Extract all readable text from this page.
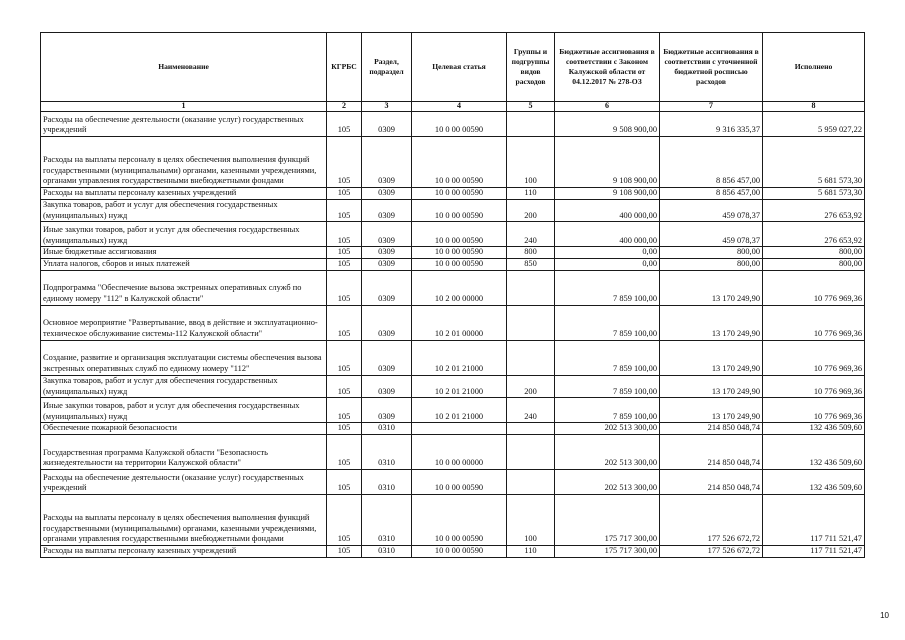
Наименование	КГРБС	Раздел, подраздел	Целевая статья	Группы и подгруппы видов расходов	Бюджетные ассигнования в соответствии с Законом Калужской области от 04.12.2017 № 278-ОЗ	Бюджетные ассигнования в соответствии с уточненной бюджетной росписью расходов	Исполнено
1	2	3	4	5	6	7	8
Расходы на обеспечение деятельности (оказание услуг) государственных учреждений	105	0309	10 0 00 00590		9 508 900,00	9 316 335,37	5 959 027,22
Расходы на выплаты персоналу в целях обеспечения выполнения функций государственными (муниципальными) органами, казенными учреждениями, органами управления государственными внебюджетными фондами	105	0309	10 0 00 00590	100	9 108 900,00	8 856 457,00	5 681 573,30
Расходы на выплаты персоналу казенных учреждений	105	0309	10 0 00 00590	110	9 108 900,00	8 856 457,00	5 681 573,30
Закупка товаров, работ и услуг для обеспечения государственных (муниципальных) нужд	105	0309	10 0 00 00590	200	400 000,00	459 078,37	276 653,92
Иные закупки товаров, работ и услуг для обеспечения государственных (муниципальных) нужд	105	0309	10 0 00 00590	240	400 000,00	459 078,37	276 653,92
Иные бюджетные ассигнования	105	0309	10 0 00 00590	800	0,00	800,00	800,00
Уплата налогов, сборов и иных платежей	105	0309	10 0 00 00590	850	0,00	800,00	800,00
Подпрограмма "Обеспечение вызова экстренных оперативных служб по единому номеру "112" в Калужской области"	105	0309	10 2 00 00000		7 859 100,00	13 170 249,90	10 776 969,36
Основное мероприятие "Развертывание, ввод в действие и эксплуатационно-техническое обслуживание системы-112 Калужской области"	105	0309	10 2 01 00000		7 859 100,00	13 170 249,90	10 776 969,36
Создание, развитие и организация эксплуатации системы обеспечения вызова экстренных оперативных служб по единому номеру "112"	105	0309	10 2 01 21000		7 859 100,00	13 170 249,90	10 776 969,36
Закупка товаров, работ и услуг для обеспечения государственных (муниципальных) нужд	105	0309	10 2 01 21000	200	7 859 100,00	13 170 249,90	10 776 969,36
Иные закупки товаров, работ и услуг для обеспечения государственных (муниципальных) нужд	105	0309	10 2 01 21000	240	7 859 100,00	13 170 249,90	10 776 969,36
Обеспечение пожарной безопасности	105	0310			202 513 300,00	214 850 048,74	132 436 509,60
Государственная программа Калужской области "Безопасность жизнедеятельности на территории Калужской области"	105	0310	10 0 00 00000		202 513 300,00	214 850 048,74	132 436 509,60
Расходы на обеспечение деятельности (оказание услуг) государственных учреждений	105	0310	10 0 00 00590		202 513 300,00	214 850 048,74	132 436 509,60
Расходы на выплаты персоналу в целях обеспечения выполнения функций государственными (муниципальными) органами, казенными учреждениями, органами управления государственными внебюджетными фондами	105	0310	10 0 00 00590	100	175 717 300,00	177 526 672,72	117 711 521,47
Расходы на выплаты персоналу казенных учреждений	105	0310	10 0 00 00590	110	175 717 300,00	177 526 672,72	117 711 521,47
10
